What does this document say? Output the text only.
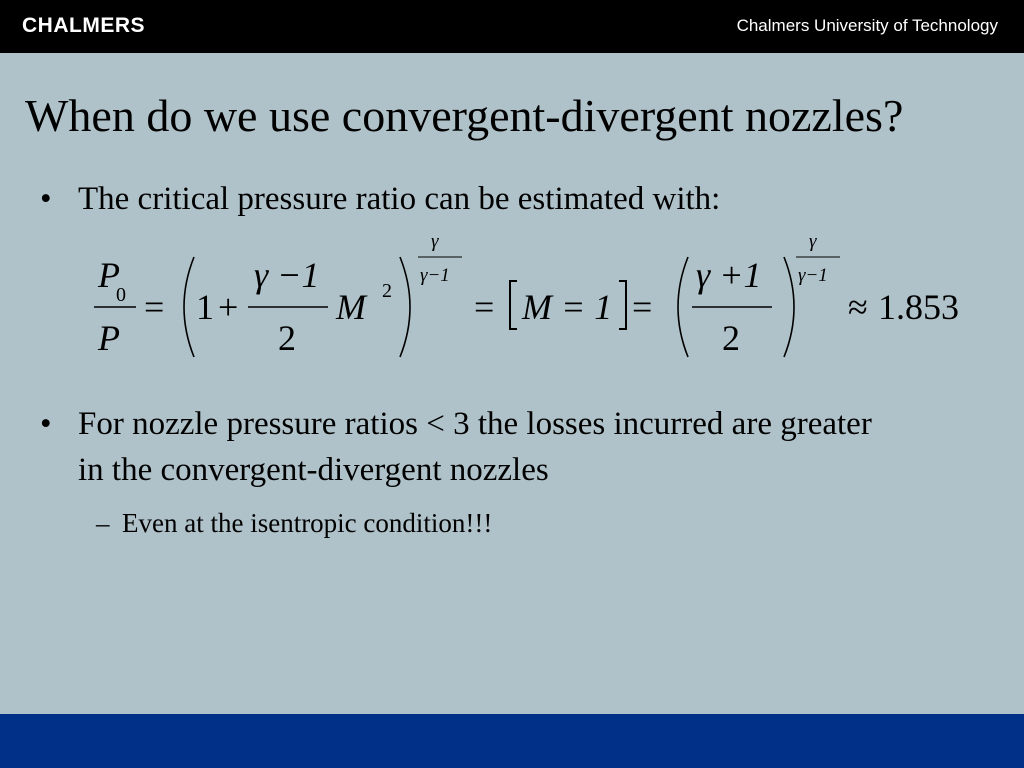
CHALMERS	Chalmers University of Technology
When do we use convergent-divergent nozzles?
• The critical pressure ratio can be estimated with:
P
0
P
= 1 +
γ −1
2
M 2
γ
γ−1
= M = 1 =
γ +1
2
γ
γ−1
≈ 1.853
• For nozzle pressure ratios < 3 the losses incurred are greater in the convergent-divergent nozzles
– Even at the isentropic condition!!!
